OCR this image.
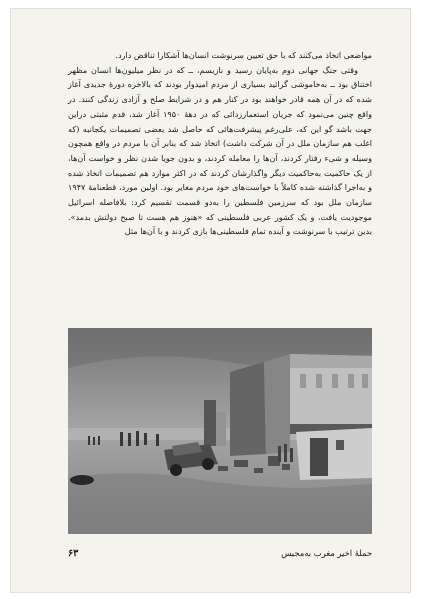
مواضعی اتخاذ می‌کنند که با حق تعیین سرنوشت انسان‌ها آشکارا تناقض دارد.

وقتی جنگ جهانی دوم به‌پایان رسید و نازیسم، ــ که در نظر میلیون‌ها انسان مظهر اختناق بود ــ به‌خاموشی گرائید بسیاری از مردم امیدوار بودند که بالاخره دورهٔ جدیدی آغاز شده که در آن همه قادر خواهند بود در کنار هم و در شرایط صلح و آزادی زندگی کنند. در واقع چنین می‌نمود که جریان استعمارزدائی که در دههٔ ۱۹۵۰ آغاز شد، قدم مثبتی دراین جهت باشد گو این که، علی‌رغم پیشرفت‌هائی که حاصل شد بعضی تصمیمات یکجانبه (که اغلب هم سازمان ملل در آن شرکت داشت) اتخاذ شد که بنابر آن با مردم در واقع همچون وسیله و شیء رفتار کردند، آن‌ها را معامله کردند، و بدون جویا شدن نظر و خواست آن‌ها، از یک حاکمیت به‌حاکمیت دیگر واگذارشان کردند که در اکثر موارد هم تصمیمات اتخاذ شده و به‌اجرا گذاشته شده کاملاً با خواست‌های خود مردم مغایر بود. اولین مورد، قطعنامهٔ ۱۹۴۷ سازمان ملل بود که سرزمین فلسطین را به‌دو قسمت تقسیم کرد: بلافاصله اسرائیل موجودیت یافت، و یک کشور عربی فلسطینی که «هنوز هم هست تا صبح دولتش بدمد». بدین ترتیب با سرنوشت و آینده تمام فلسطینی‌ها بازی کردند و با آن‌ها مثل

حملهٔ اخیر مغرب به‌مجیس
۶۳
